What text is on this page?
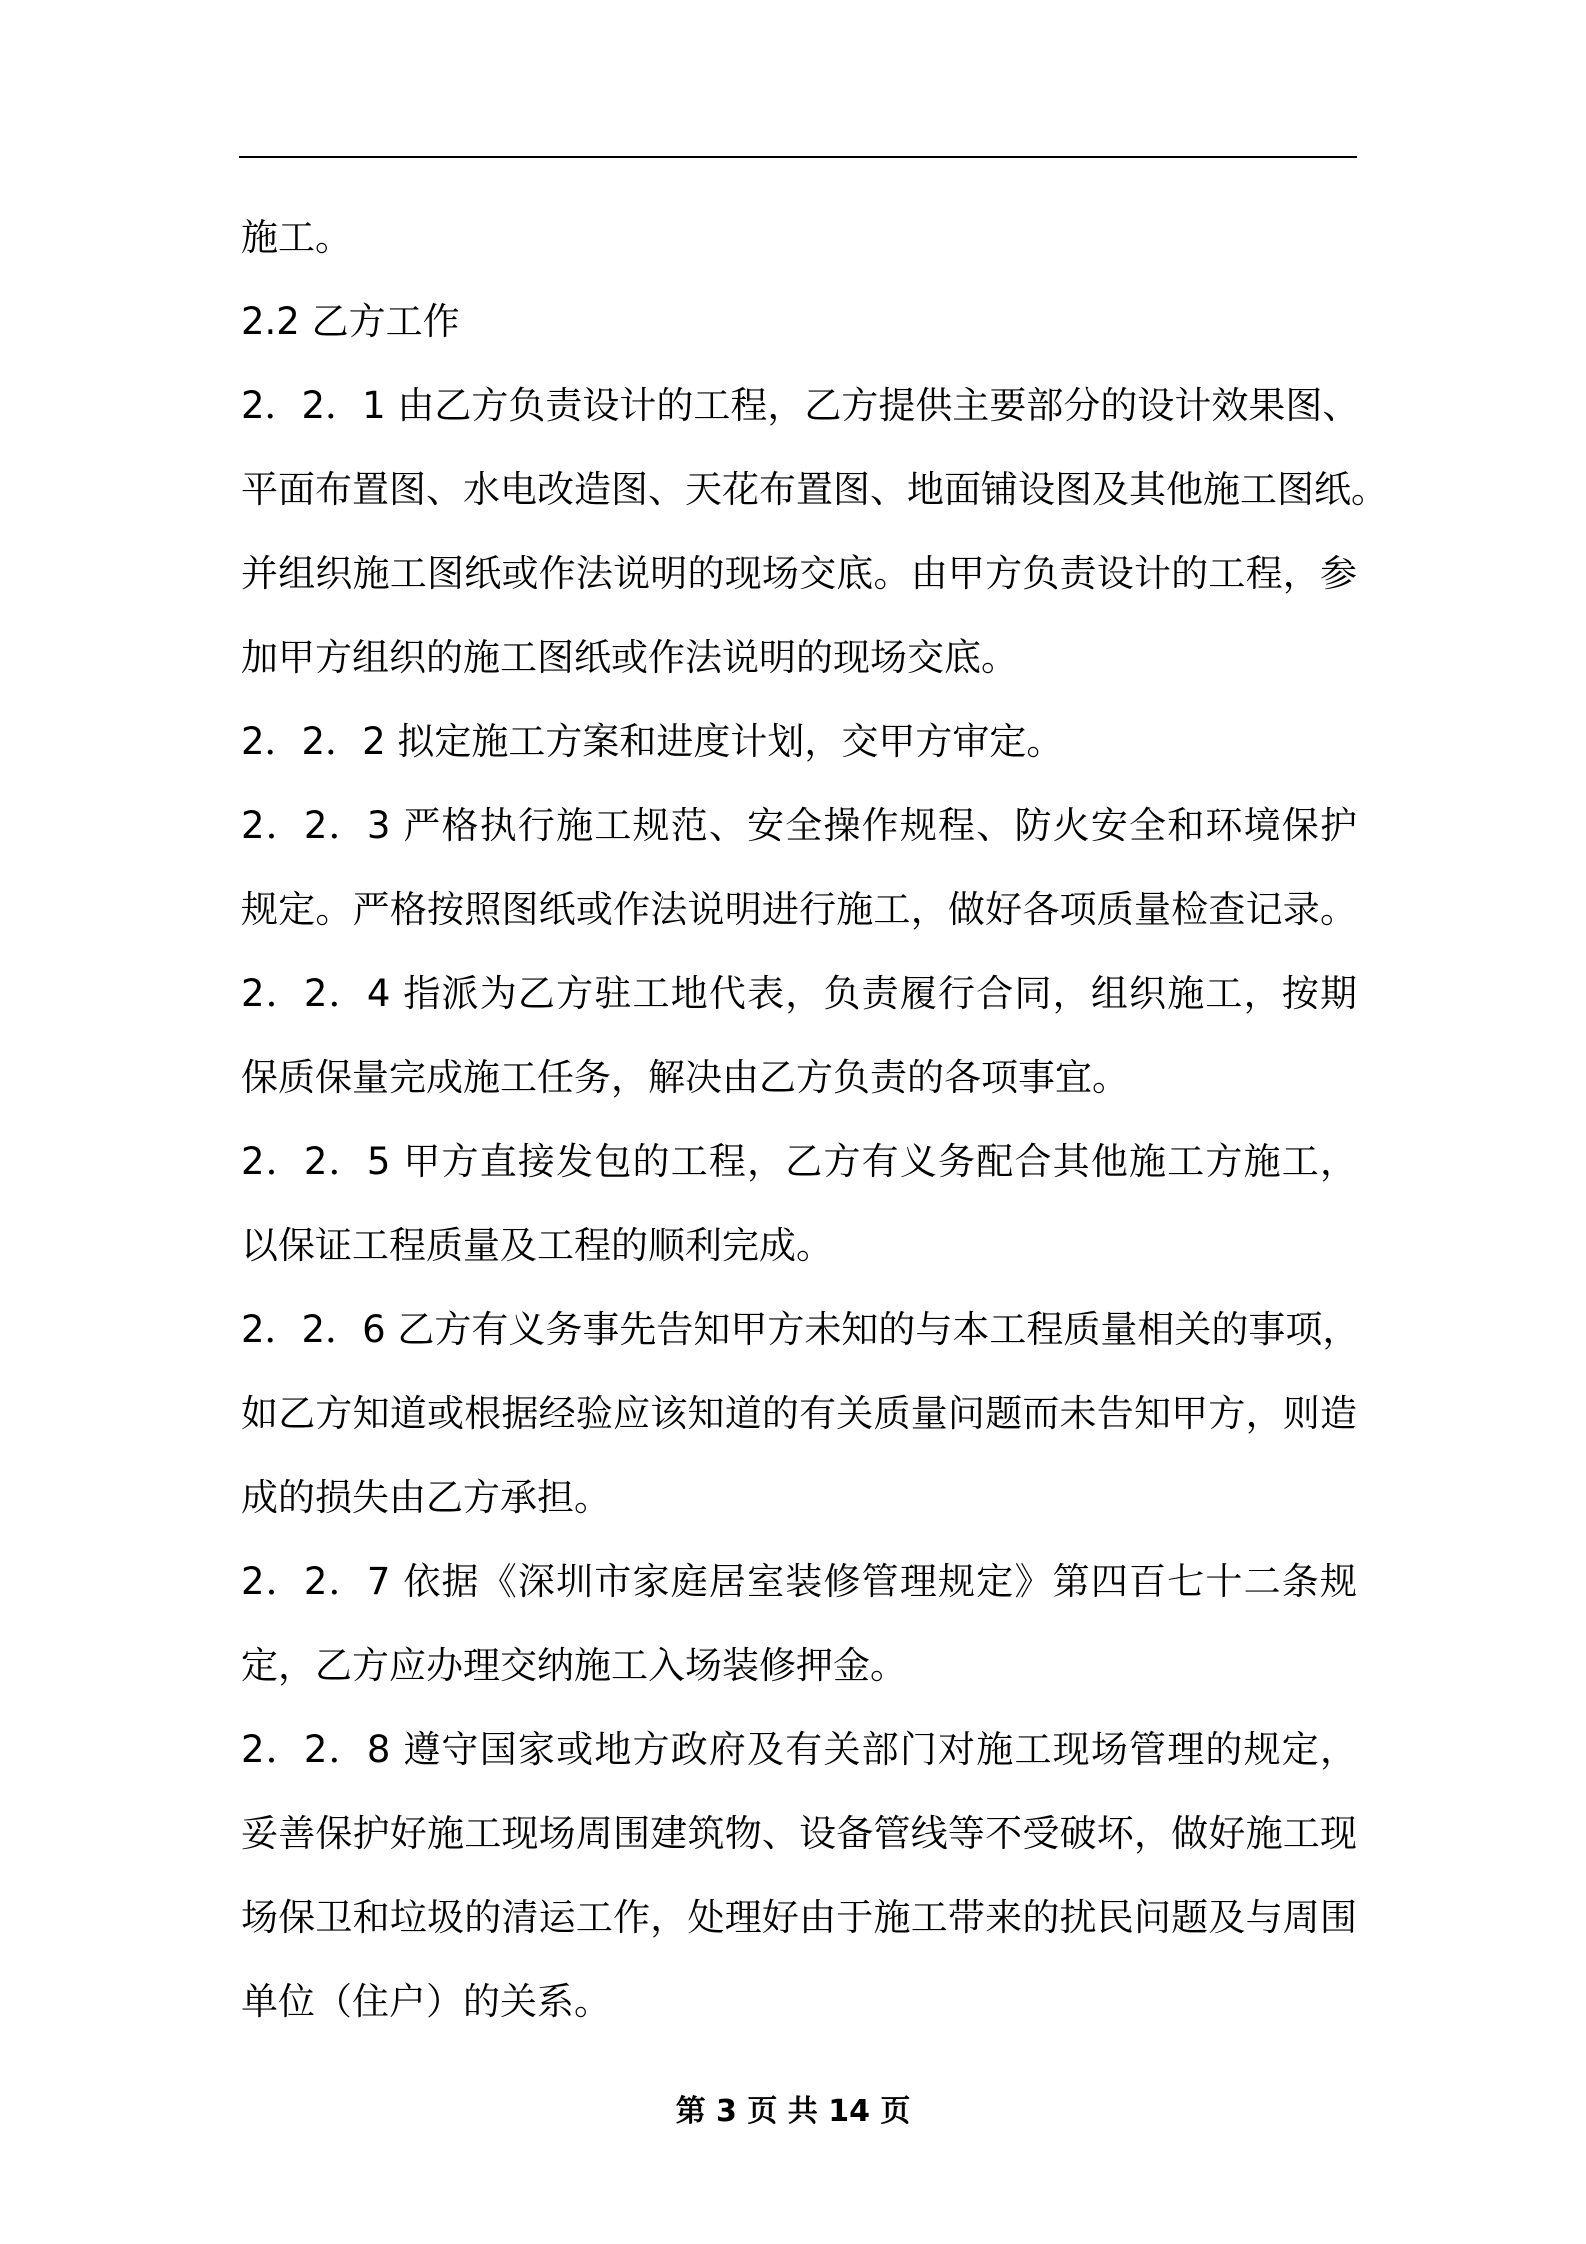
施工。
2.2 乙方工作
2．2．1 由乙方负责设计的工程，乙方提供主要部分的设计效果图、
平面布置图、水电改造图、天花布置图、地面铺设图及其他施工图纸。
并组织施工图纸或作法说明的现场交底。由甲方负责设计的工程，参
加甲方组织的施工图纸或作法说明的现场交底。
2．2．2 拟定施工方案和进度计划，交甲方审定。
2．2．3 严格执行施工规范、安全操作规程、防火安全和环境保护
规定。严格按照图纸或作法说明进行施工，做好各项质量检查记录。
2．2．4 指派为乙方驻工地代表，负责履行合同，组织施工，按期
保质保量完成施工任务，解决由乙方负责的各项事宜。
2．2．5 甲方直接发包的工程，乙方有义务配合其他施工方施工，
以保证工程质量及工程的顺利完成。
2．2．6 乙方有义务事先告知甲方未知的与本工程质量相关的事项，
如乙方知道或根据经验应该知道的有关质量问题而未告知甲方，则造
成的损失由乙方承担。
2．2．7 依据《深圳市家庭居室装修管理规定》第四百七十二条规
定，乙方应办理交纳施工入场装修押金。
2．2．8 遵守国家或地方政府及有关部门对施工现场管理的规定，
妥善保护好施工现场周围建筑物、设备管线等不受破坏，做好施工现
场保卫和垃圾的清运工作，处理好由于施工带来的扰民问题及与周围
单位（住户）的关系。
第 3 页 共 14 页
